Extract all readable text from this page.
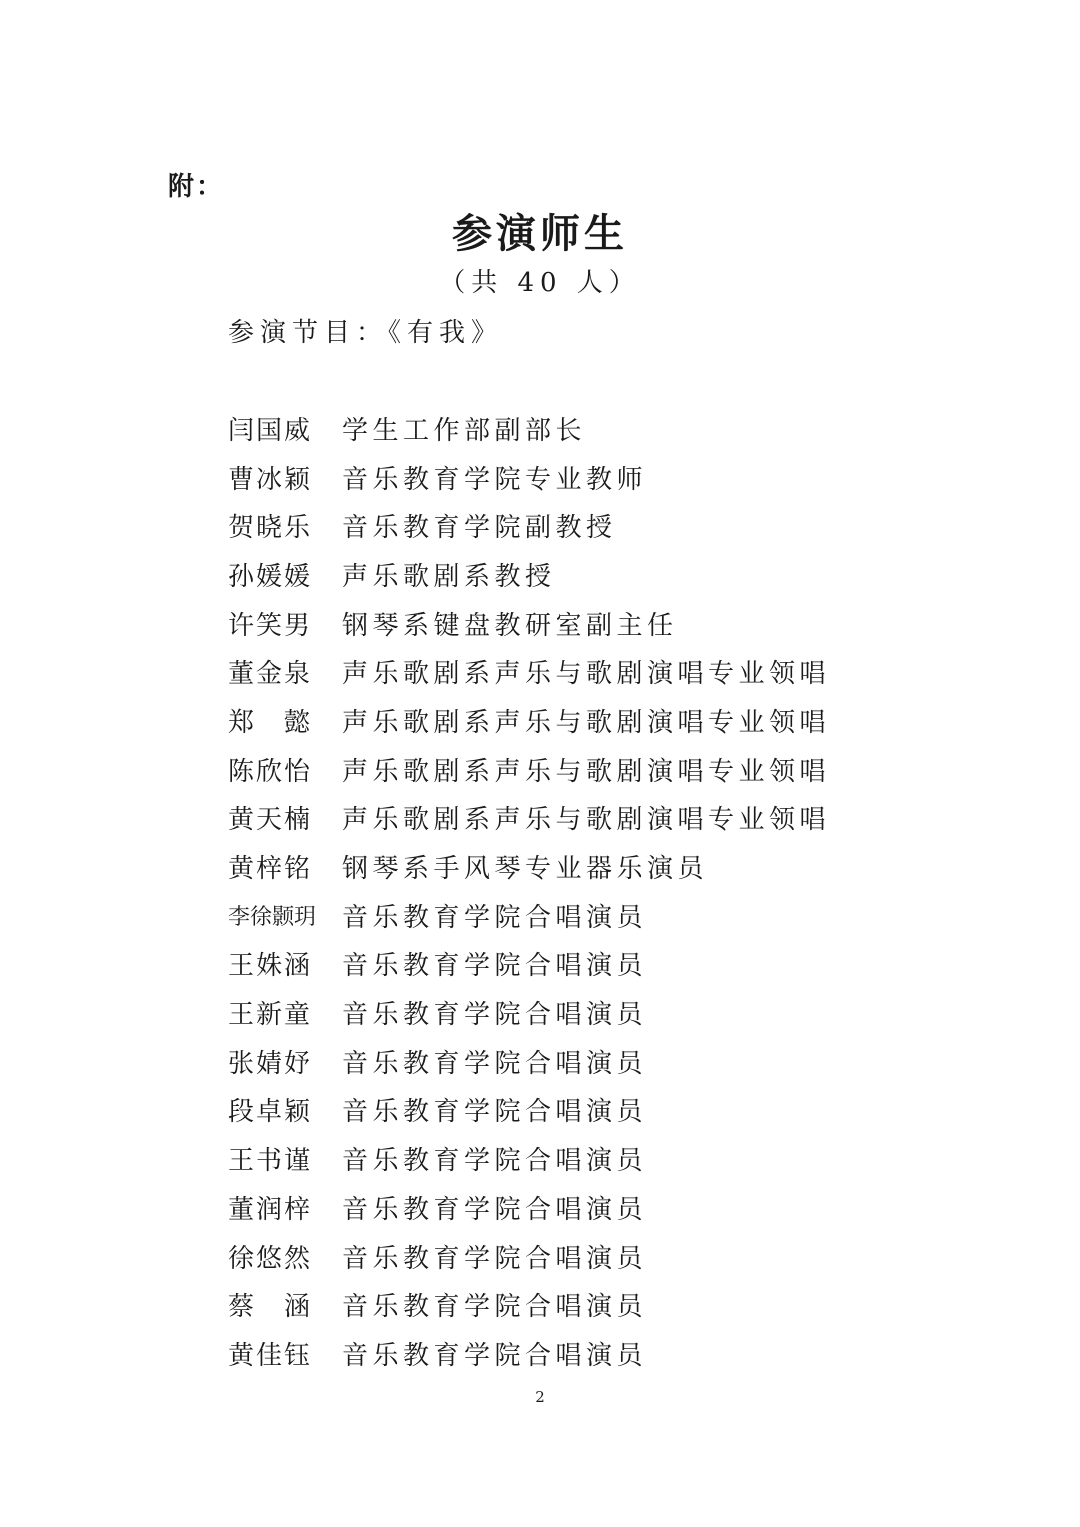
附：
参演师生
（共 40 人）
参演节目：《有我》
闫国威 学生工作部副部长
曹冰颖 音乐教育学院专业教师
贺晓乐 音乐教育学院副教授
孙媛媛 声乐歌剧系教授
许笑男 钢琴系键盘教研室副主任
董金泉 声乐歌剧系声乐与歌剧演唱专业领唱
郑　懿 声乐歌剧系声乐与歌剧演唱专业领唱
陈欣怡 声乐歌剧系声乐与歌剧演唱专业领唱
黄天楠 声乐歌剧系声乐与歌剧演唱专业领唱
黄梓铭 钢琴系手风琴专业器乐演员
李徐颢玥 音乐教育学院合唱演员
王姝涵 音乐教育学院合唱演员
王新童 音乐教育学院合唱演员
张婧妤 音乐教育学院合唱演员
段卓颖 音乐教育学院合唱演员
王书谨 音乐教育学院合唱演员
董润梓 音乐教育学院合唱演员
徐悠然 音乐教育学院合唱演员
蔡　涵 音乐教育学院合唱演员
黄佳钰 音乐教育学院合唱演员
2
